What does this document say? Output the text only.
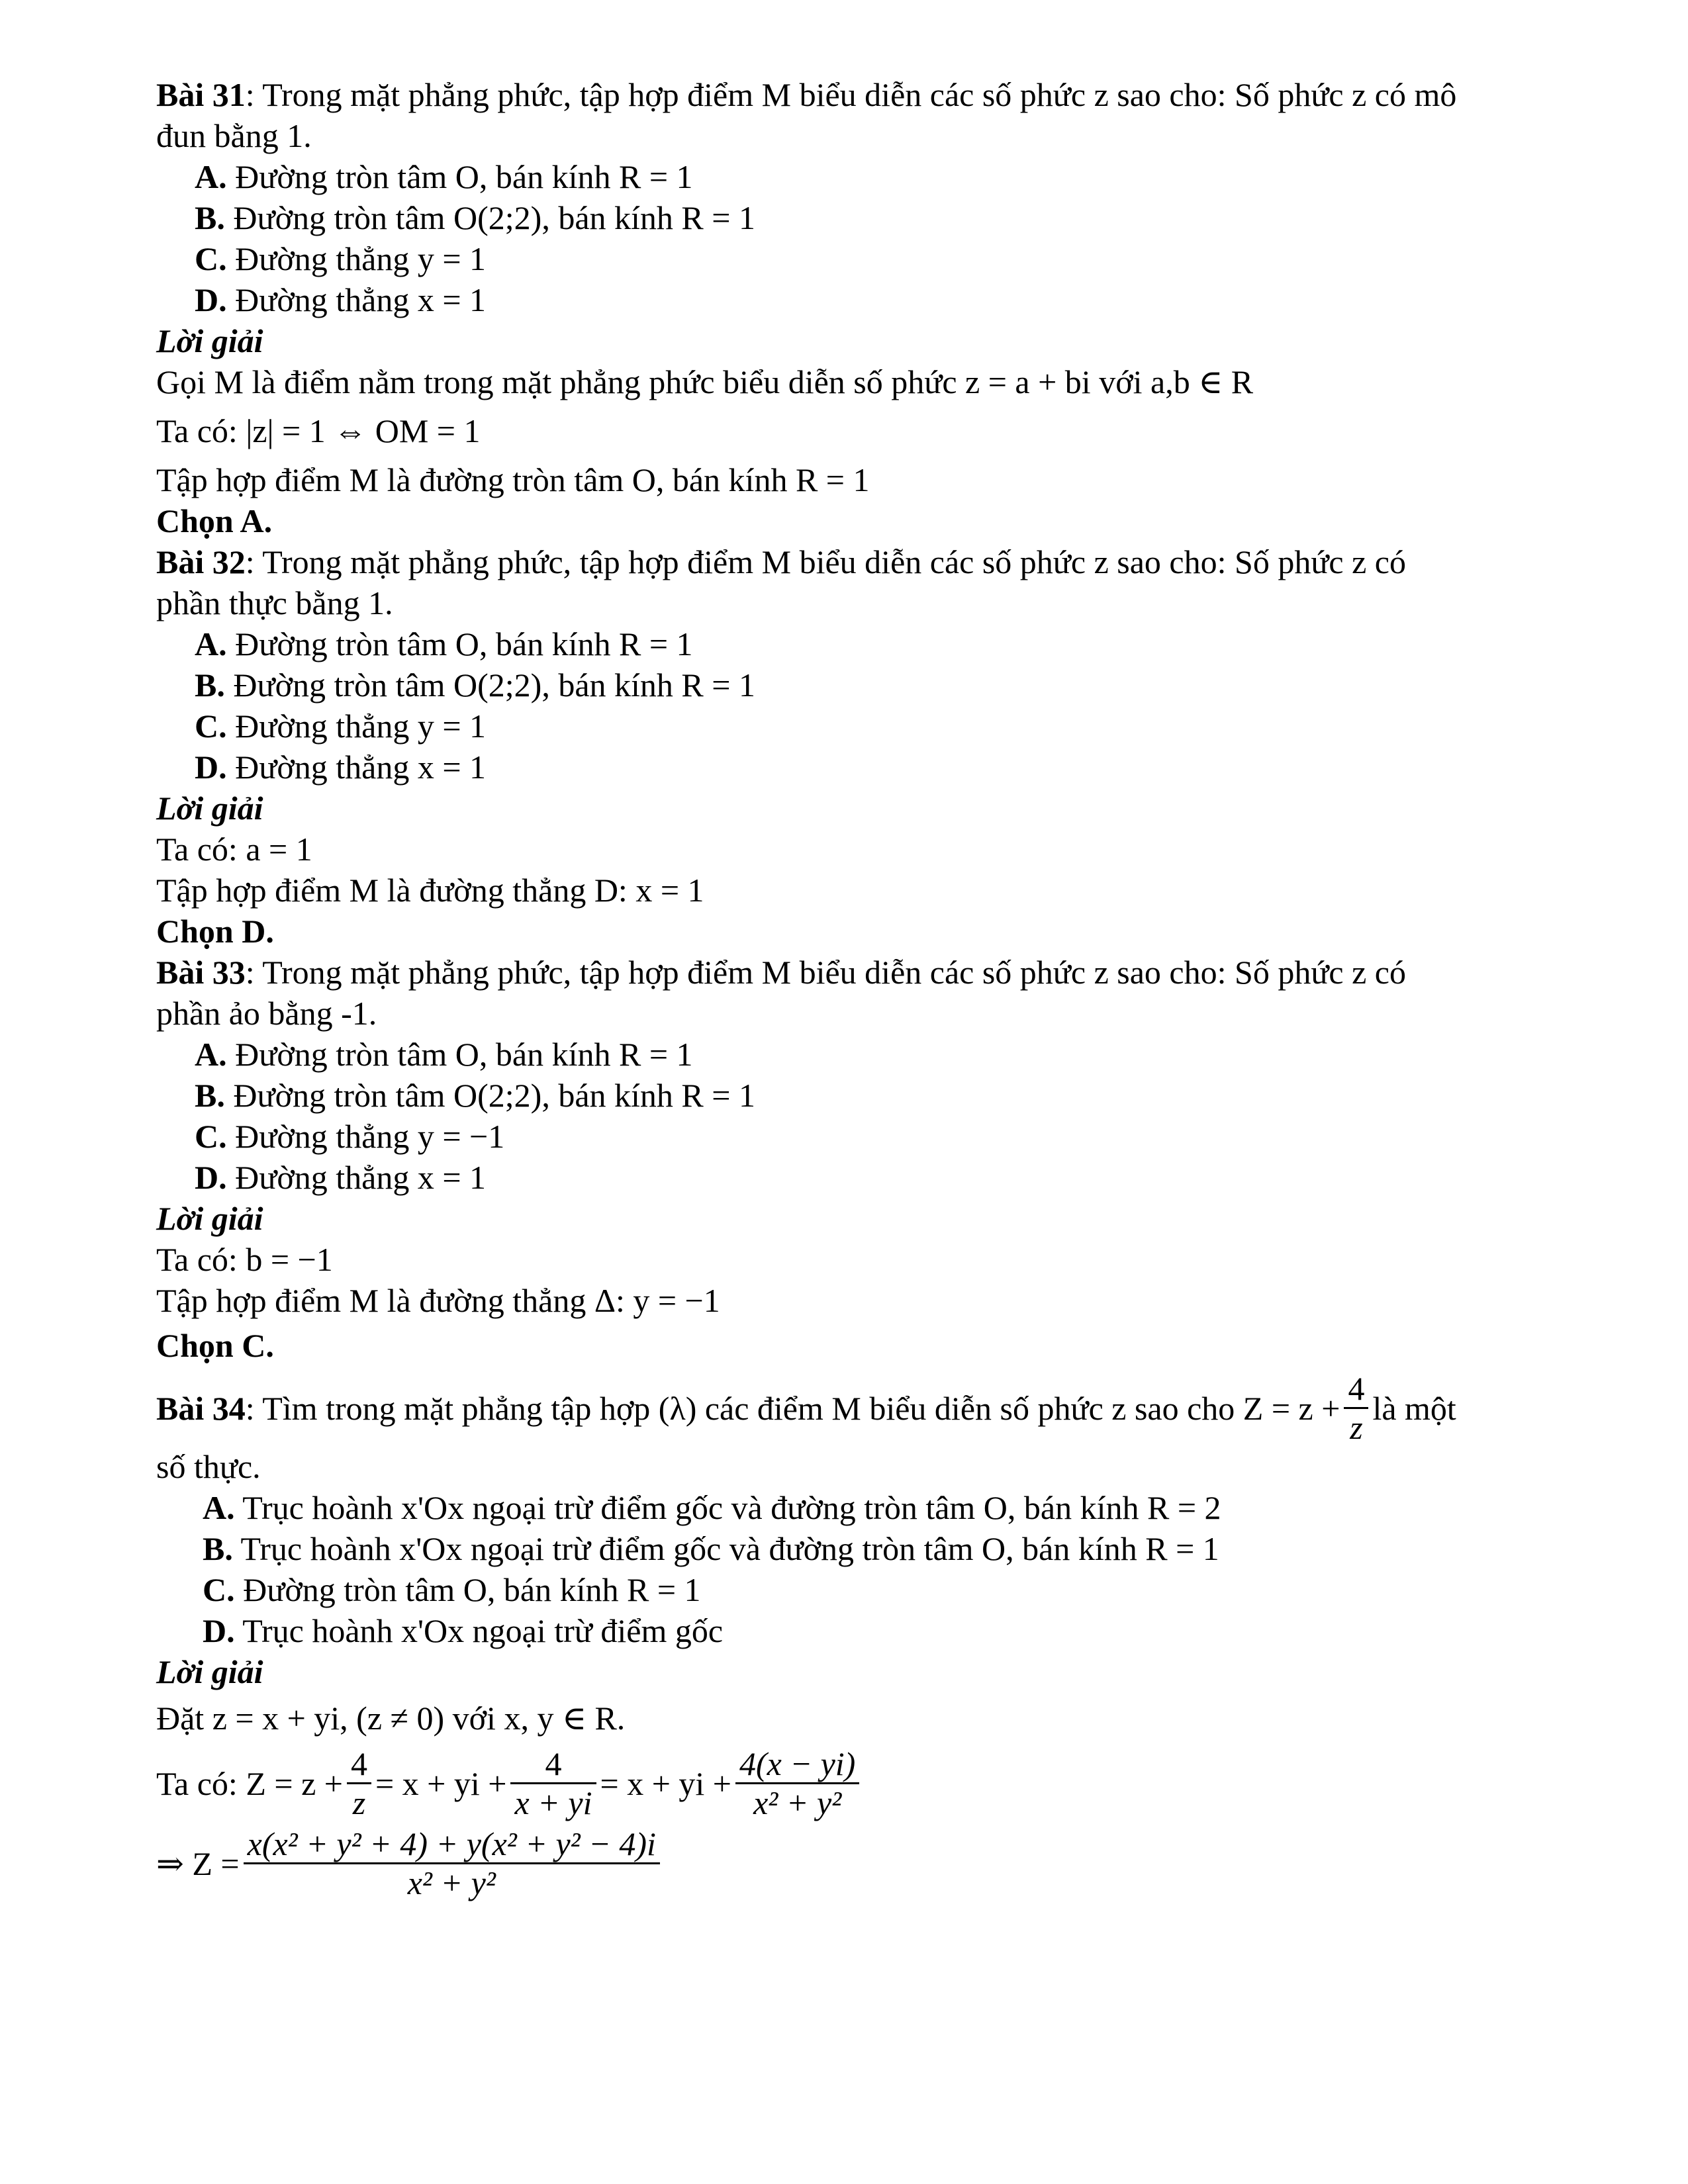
Bài 31: Trong mặt phẳng phức, tập hợp điểm M biểu diễn các số phức z sao cho: Số phức z có mô
đun bằng 1.
A. Đường tròn tâm O, bán kính R = 1
B. Đường tròn tâm O(2;2), bán kính R = 1
C. Đường thẳng y = 1
D. Đường thẳng x = 1
Lời giải
Gọi M là điểm nằm trong mặt phẳng phức biểu diễn số phức z = a + bi với a,b ∈ R
Ta có: |z| = 1 ⇔ OM = 1
Tập hợp điểm M là đường tròn tâm O, bán kính R = 1
Chọn A.
Bài 32: Trong mặt phẳng phức, tập hợp điểm M biểu diễn các số phức z sao cho: Số phức z có
phần thực bằng 1.
A. Đường tròn tâm O, bán kính R = 1
B. Đường tròn tâm O(2;2), bán kính R = 1
C. Đường thẳng y = 1
D. Đường thẳng x = 1
Lời giải
Ta có: a = 1
Tập hợp điểm M là đường thẳng D: x = 1
Chọn D.
Bài 33: Trong mặt phẳng phức, tập hợp điểm M biểu diễn các số phức z sao cho: Số phức z có
phần ảo bằng -1.
A. Đường tròn tâm O, bán kính R = 1
B. Đường tròn tâm O(2;2), bán kính R = 1
C. Đường thẳng y = −1
D. Đường thẳng x = 1
Lời giải
Ta có: b = −1
Tập hợp điểm M là đường thẳng Δ: y = −1
Chọn C.
Bài 34 : Tìm trong mặt phẳng tập hợp (λ) các điểm M biểu diễn số phức z sao cho $Z = z + \frac{4}{z}$ là một
số thực.
A. Trục hoành x'Ox ngoại trừ điểm gốc và đường tròn tâm O, bán kính R = 2
B. Trục hoành x'Ox ngoại trừ điểm gốc và đường tròn tâm O, bán kính R = 1
C. Đường tròn tâm O, bán kính R = 1
D. Trục hoành x'Ox ngoại trừ điểm gốc
Lời giải
Đặt z = x + yi, (z ≠ 0) với x, y ∈ R.
Ta có: $Z = z + \frac{4}{z} = x$ + yi + $\frac{4}{x + yi} = x$ + yi + $\frac{4(x - yi)}{\text{x² + y²}}$
⇒ $Z = \frac{\text{x(x² + y² + 4) + y(x² + y² − 4)i}}{\text{x² + y²}}$
